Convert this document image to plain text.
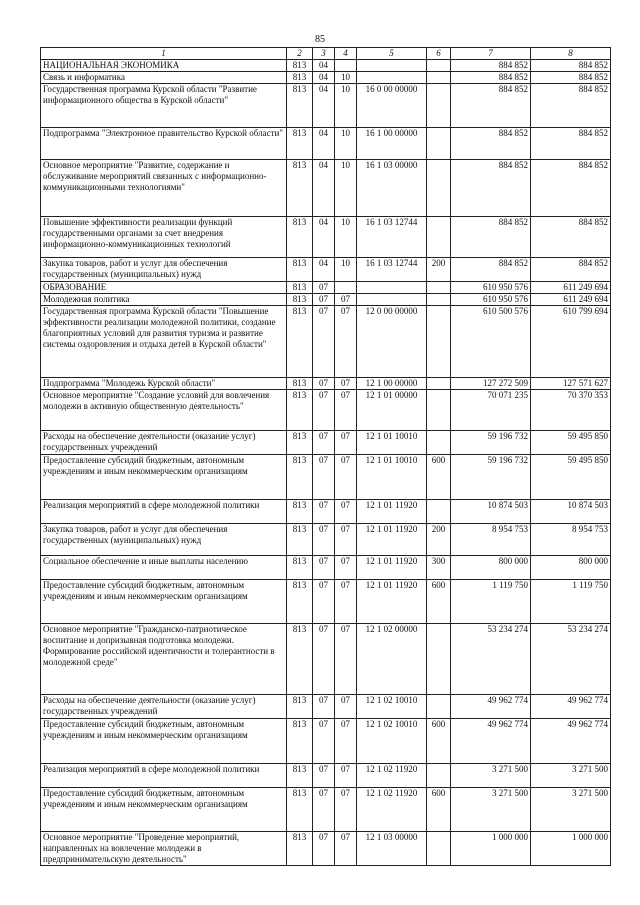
85
1	2	3	4	5	6	7	8
НАЦИОНАЛЬНАЯ ЭКОНОМИКА	813	04				884 852	884 852
Связь и информатика	813	04	10			884 852	884 852
Государственная программа Курской области "Развитие информационного общества в Курской области"	813	04	10	16 0 00 00000		884 852	884 852
Подпрограмма "Электронное правительство Курской области"	813	04	10	16 1 00 00000		884 852	884 852
Основное мероприятие "Развитие, содержание и обслуживание мероприятий связанных с информационно-коммуникационными технологиями"	813	04	10	16 1 03 00000		884 852	884 852
Повышение эффективности реализации функций государственными органами за счет внедрения информационно-коммуникационных технологий	813	04	10	16 1 03 12744		884 852	884 852
Закупка товаров, работ и услуг для обеспечения государственных (муниципальных) нужд	813	04	10	16 1 03 12744	200	884 852	884 852
ОБРАЗОВАНИЕ	813	07				610 950 576	611 249 694
Молодежная политика	813	07	07			610 950 576	611 249 694
Государственная программа Курской области "Повышение эффективности реализации молодежной политики, создание благоприятных условий для развития туризма и развитие системы оздоровления и отдыха детей в Курской области"	813	07	07	12 0 00 00000		610 500 576	610 799 694
Подпрограмма "Молодежь Курской области"	813	07	07	12 1 00 00000		127 272 509	127 571 627
Основное мероприятие "Создание условий для вовлечения молодежи в активную общественную деятельность"	813	07	07	12 1 01 00000		70 071 235	70 370 353
Расходы на обеспечение деятельности (оказание услуг) государственных учреждений	813	07	07	12 1 01 10010		59 196 732	59 495 850
Предоставление субсидий бюджетным, автономным учреждениям и иным некоммерческим организациям	813	07	07	12 1 01 10010	600	59 196 732	59 495 850
Реализация мероприятий в сфере молодежной политики	813	07	07	12 1 01 11920		10 874 503	10 874 503
Закупка товаров, работ и услуг для обеспечения государственных (муниципальных) нужд	813	07	07	12 1 01 11920	200	8 954 753	8 954 753
Социальное обеспечение и иные выплаты населению	813	07	07	12 1 01 11920	300	800 000	800 000
Предоставление субсидий бюджетным, автономным учреждениям и иным некоммерческим организациям	813	07	07	12 1 01 11920	600	1 119 750	1 119 750
Основное мероприятие "Гражданско-патриотическое воспитание и допризывная подготовка молодежи. Формирование российской идентичности и толерантности в молодежной среде"	813	07	07	12 1 02 00000		53 234 274	53 234 274
Расходы на обеспечение деятельности (оказание услуг) государственных учреждений	813	07	07	12 1 02 10010		49 962 774	49 962 774
Предоставление субсидий бюджетным, автономным учреждениям и иным некоммерческим организациям	813	07	07	12 1 02 10010	600	49 962 774	49 962 774
Реализация мероприятий в сфере молодежной политики	813	07	07	12 1 02 11920		3 271 500	3 271 500
Предоставление субсидий бюджетным, автономным учреждениям и иным некоммерческим организациям	813	07	07	12 1 02 11920	600	3 271 500	3 271 500
Основное мероприятие "Проведение мероприятий, направленных на вовлечение молодежи в предпринимательскую деятельность"	813	07	07	12 1 03 00000		1 000 000	1 000 000
